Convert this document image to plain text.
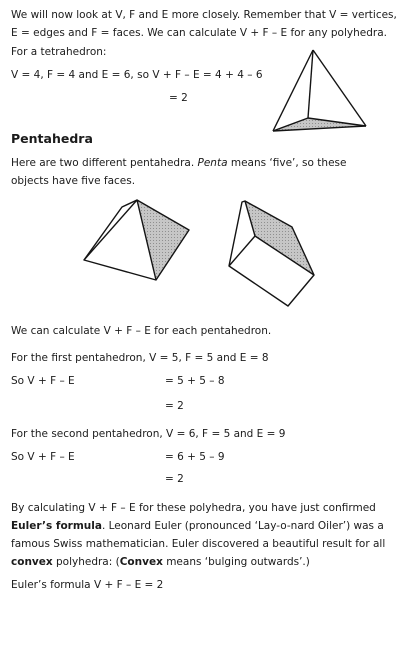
We will now look at V, F and E more closely. Remember that V = vertices,
E = edges and F = faces. We can calculate V + F – E for any polyhedra.
For a tetrahedron:
V = 4, F = 4 and E = 6, so V + F – E = 4 + 4 – 6
= 2
Pentahedra
Here are two different pentahedra. Penta means ‘five’, so these
objects have five faces.
We can calculate V + F – E for each pentahedron.
For the first pentahedron, V = 5, F = 5 and E = 8
So V + F – E	= 5 + 5 – 8
= 2
For the second pentahedron, V = 6, F = 5 and E = 9
So V + F – E	= 6 + 5 – 9
= 2
By calculating V + F – E for these polyhedra, you have just confirmed
Euler’s formula. Leonard Euler (pronounced ‘Lay-o-nard Oiler’) was a
famous Swiss mathematician. Euler discovered a beautiful result for all
convex polyhedra: (Convex means ‘bulging outwards’.)
Euler’s formula V + F – E = 2
